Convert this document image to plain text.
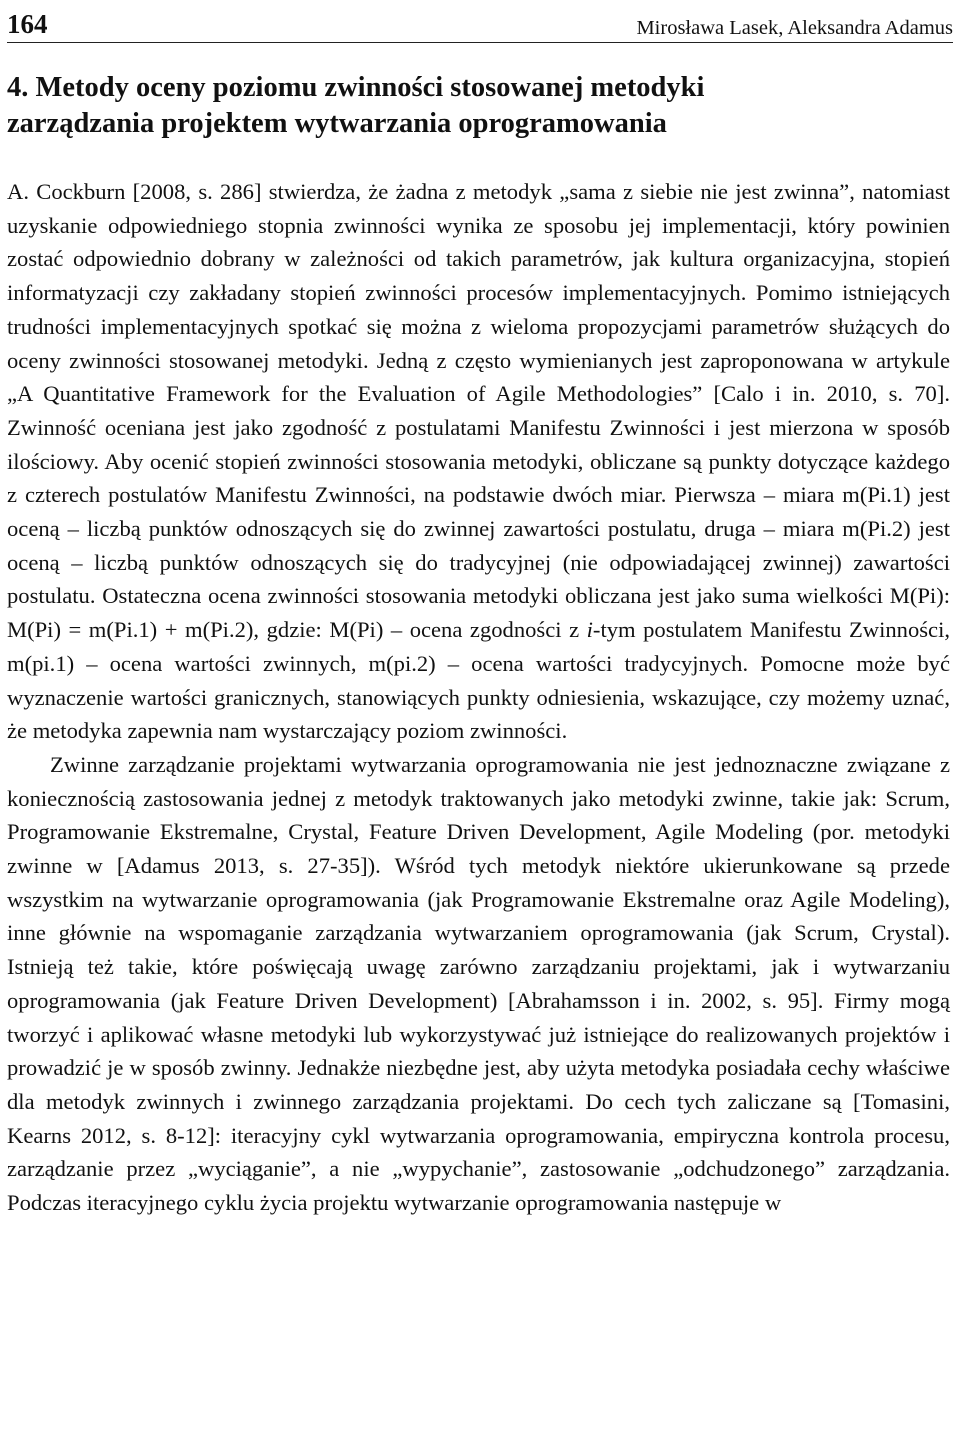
164	Mirosława Lasek, Aleksandra Adamus
4. Metody oceny poziomu zwinności stosowanej metodyki
zarządzania projektem wytwarzania oprogramowania

A. Cockburn [2008, s. 286] stwierdza, że żadna z metodyk „sama z siebie nie jest zwinna”, natomiast uzyskanie odpowiedniego stopnia zwinności wynika ze sposobu jej implementacji, który powinien zostać odpowiednio dobrany w zależności od takich parametrów, jak kultura organizacyjna, stopień informatyzacji czy zakładany stopień zwinności procesów implementacyjnych. Pomimo istniejących trudności implementacyjnych spotkać się można z wieloma propozycjami parametrów służących do oceny zwinności stosowanej metodyki. Jedną z często wymienianych jest zaproponowana w artykule „A Quantitative Framework for the Evaluation of Agile Methodologies” [Calo i in. 2010, s. 70]. Zwinność oceniana jest jako zgodność z postulatami Manifestu Zwinności i jest mierzona w sposób ilościowy. Aby ocenić stopień zwinności stosowania metodyki, obliczane są punkty dotyczące każdego z czterech postulatów Manifestu Zwinności, na podstawie dwóch miar. Pierwsza – miara m(Pi.1) jest oceną – liczbą punktów odnoszących się do zwinnej zawartości postulatu, druga – miara m(Pi.2) jest oceną – liczbą punktów odnoszących się do tradycyjnej (nie odpowiadającej zwinnej) zawartości postulatu. Ostateczna ocena zwinności stosowania metodyki obliczana jest jako suma wielkości M(Pi): M(Pi) = m(Pi.1) + m(Pi.2), gdzie: M(Pi) – ocena zgodności z i-tym postulatem Manifestu Zwinności, m(pi.1) – ocena wartości zwinnych, m(pi.2) – ocena wartości tradycyjnych. Pomocne może być wyznaczenie wartości granicznych, stanowiących punkty odniesienia, wskazujące, czy możemy uznać, że metodyka zapewnia nam wystarczający poziom zwinności.

Zwinne zarządzanie projektami wytwarzania oprogramowania nie jest jednoznaczne związane z koniecznością zastosowania jednej z metodyk traktowanych jako metodyki zwinne, takie jak: Scrum, Programowanie Ekstremalne, Crystal, Feature Driven Development, Agile Modeling (por. metodyki zwinne w [Adamus 2013, s. 27-35]). Wśród tych metodyk niektóre ukierunkowane są przede wszystkim na wytwarzanie oprogramowania (jak Programowanie Ekstremalne oraz Agile Modeling), inne głównie na wspomaganie zarządzania wytwarzaniem oprogramowania (jak Scrum, Crystal). Istnieją też takie, które poświęcają uwagę zarówno zarządzaniu projektami, jak i wytwarzaniu oprogramowania (jak Feature Driven Development) [Abrahamsson i in. 2002, s. 95]. Firmy mogą tworzyć i aplikować własne metodyki lub wykorzystywać już istniejące do realizowanych projektów i prowadzić je w sposób zwinny. Jednakże niezbędne jest, aby użyta metodyka posiadała cechy właściwe dla metodyk zwinnych i zwinnego zarządzania projektami. Do cech tych zaliczane są [Tomasini, Kearns 2012, s. 8-12]: iteracyjny cykl wytwarzania oprogramowania, empiryczna kontrola procesu, zarządzanie przez „wyciąganie”, a nie „wypychanie”, zastosowanie „odchudzonego” zarządzania. Podczas iteracyjnego cyklu życia projektu wytwarzanie oprogramowania następuje w
